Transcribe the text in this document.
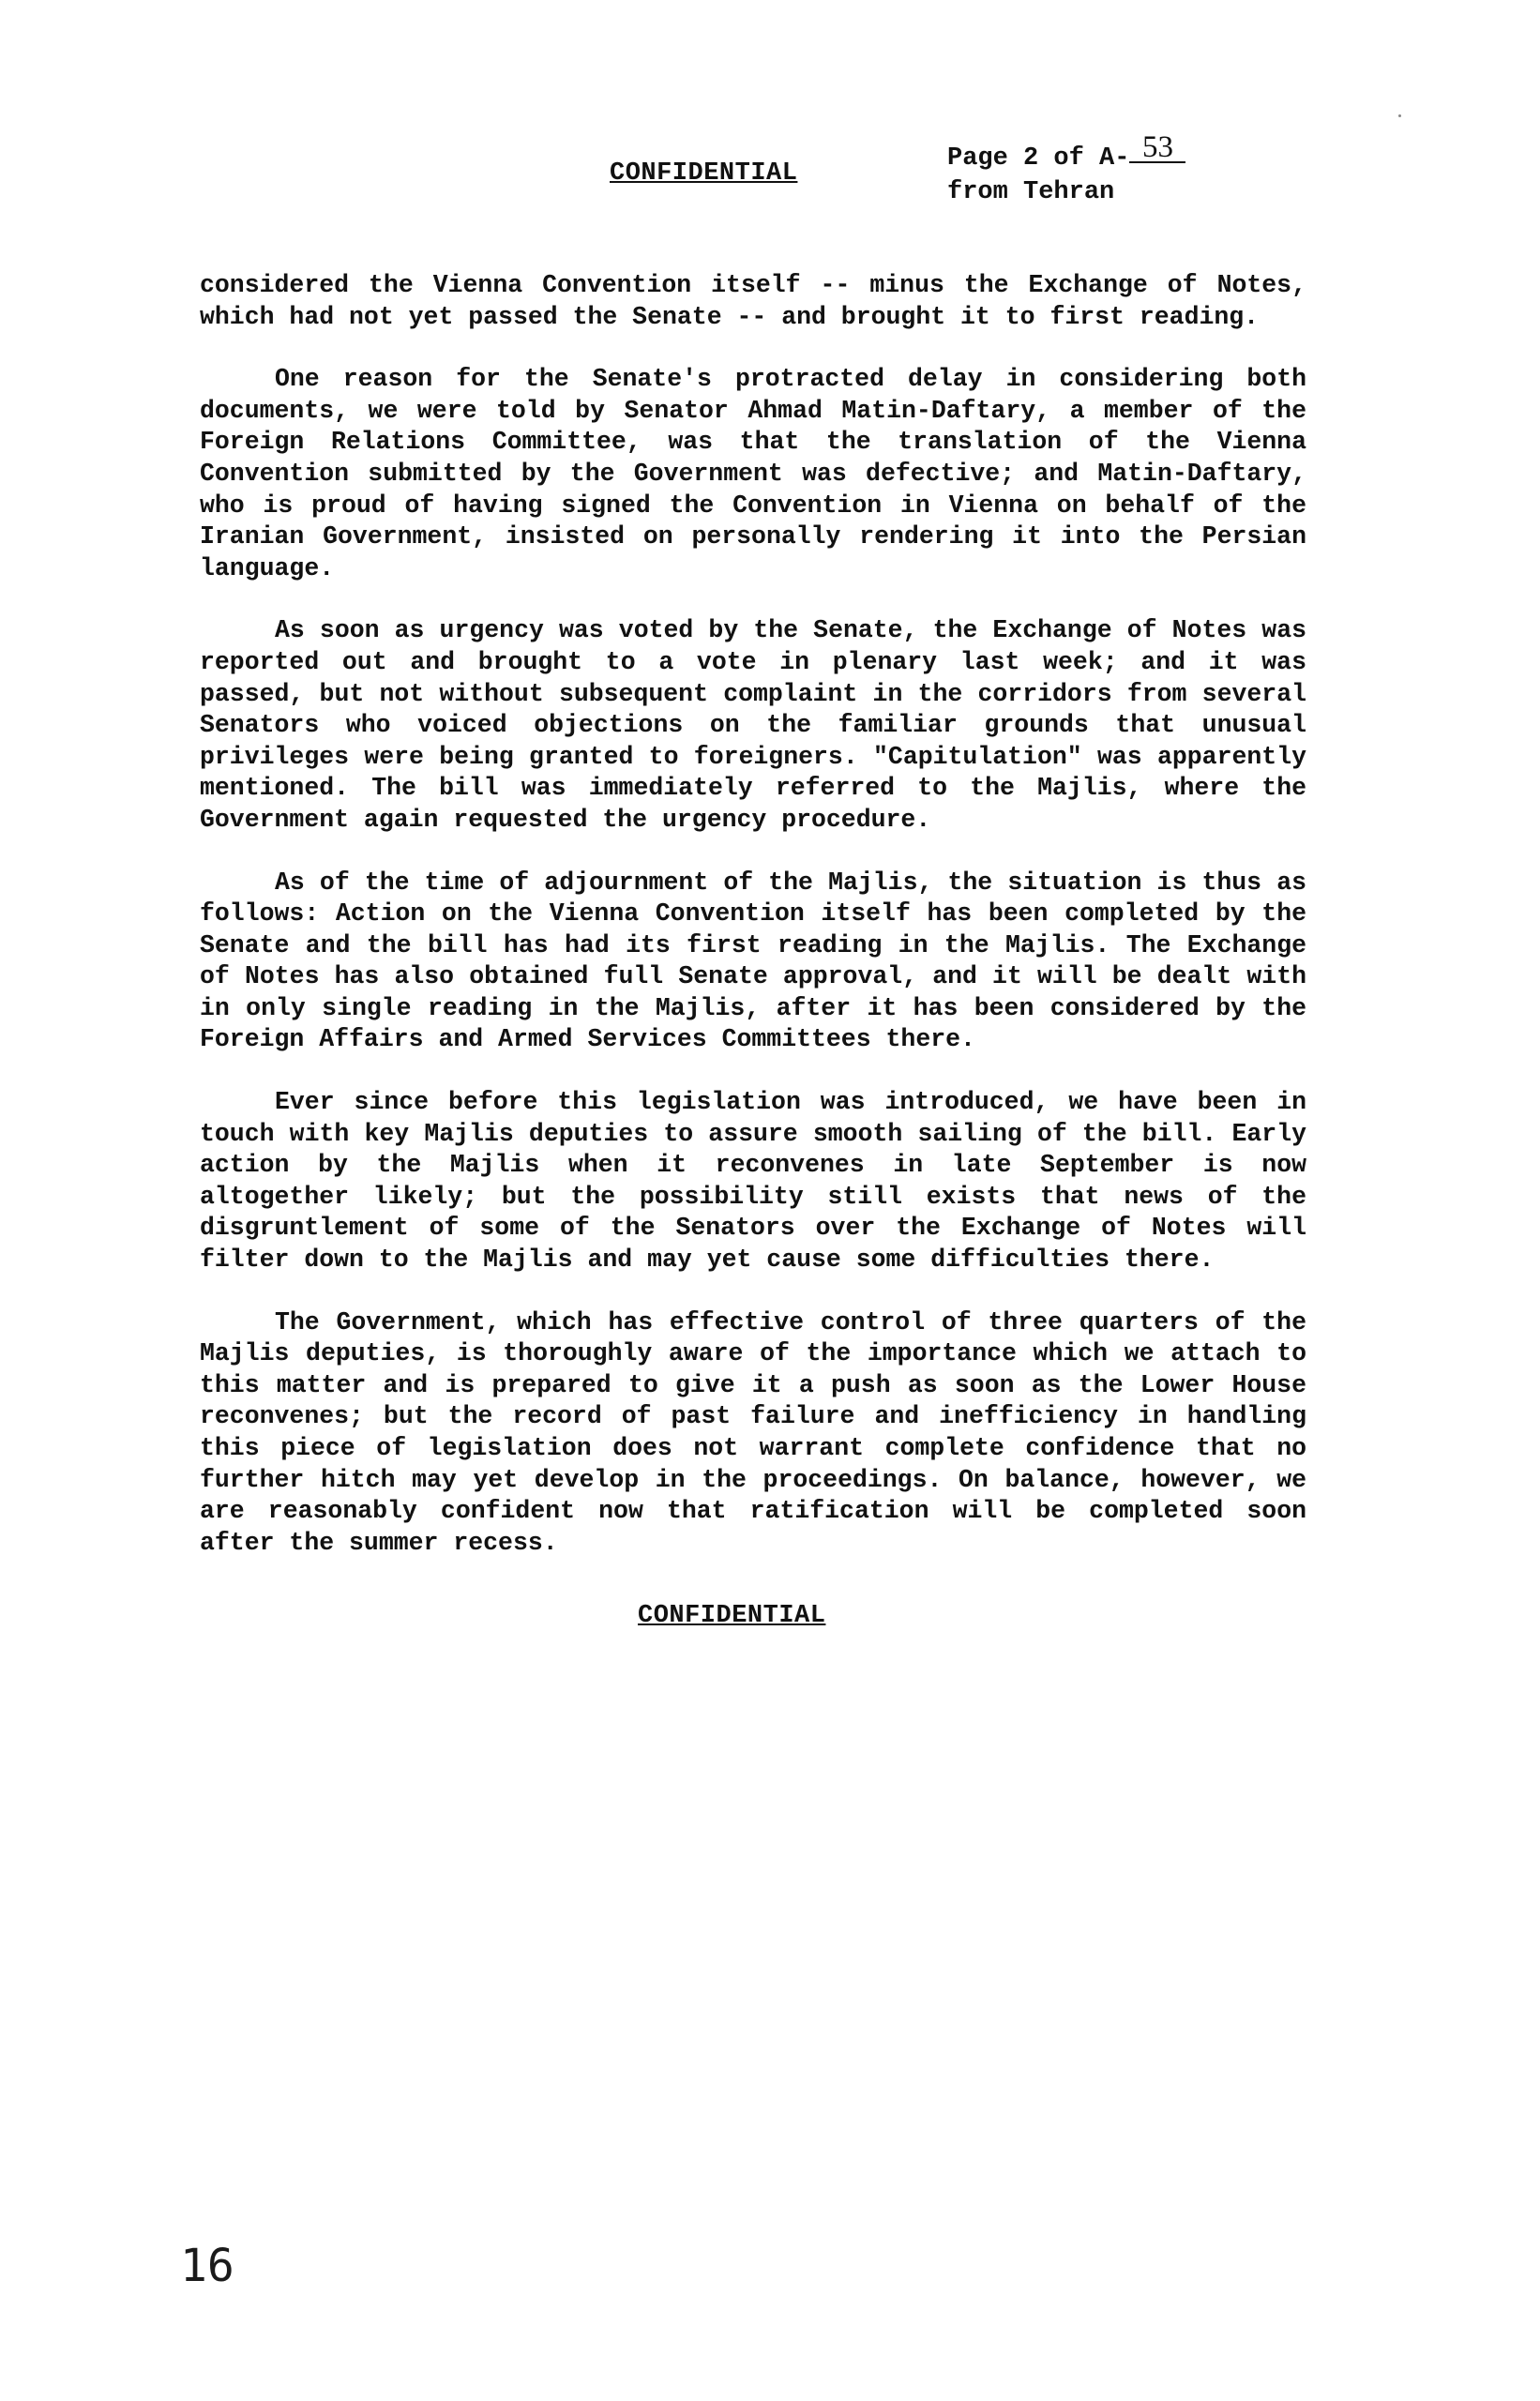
CONFIDENTIAL
Page 2 of A- 53
from Tehran

considered the Vienna Convention itself -- minus the Exchange of Notes, which had not yet passed the Senate -- and brought it to first reading.

One reason for the Senate's protracted delay in considering both documents, we were told by Senator Ahmad Matin-Daftary, a member of the Foreign Relations Committee, was that the translation of the Vienna Convention submitted by the Government was defective; and Matin-Daftary, who is proud of having signed the Convention in Vienna on behalf of the Iranian Government, insisted on personally rendering it into the Persian language.

As soon as urgency was voted by the Senate, the Exchange of Notes was reported out and brought to a vote in plenary last week; and it was passed, but not without subsequent complaint in the corridors from several Senators who voiced objections on the familiar grounds that unusual privileges were being granted to foreigners. "Capitulation" was apparently mentioned. The bill was immediately referred to the Majlis, where the Government again requested the urgency procedure.

As of the time of adjournment of the Majlis, the situation is thus as follows: Action on the Vienna Convention itself has been completed by the Senate and the bill has had its first reading in the Majlis. The Exchange of Notes has also obtained full Senate approval, and it will be dealt with in only single reading in the Majlis, after it has been considered by the Foreign Affairs and Armed Services Committees there.

Ever since before this legislation was introduced, we have been in touch with key Majlis deputies to assure smooth sailing of the bill. Early action by the Majlis when it reconvenes in late September is now altogether likely; but the possibility still exists that news of the disgruntlement of some of the Senators over the Exchange of Notes will filter down to the Majlis and may yet cause some difficulties there.

The Government, which has effective control of three quarters of the Majlis deputies, is thoroughly aware of the importance which we attach to this matter and is prepared to give it a push as soon as the Lower House reconvenes; but the record of past failure and inefficiency in handling this piece of legislation does not warrant complete confidence that no further hitch may yet develop in the proceedings. On balance, however, we are reasonably confident now that ratification will be completed soon after the summer recess.

CONFIDENTIAL
16
